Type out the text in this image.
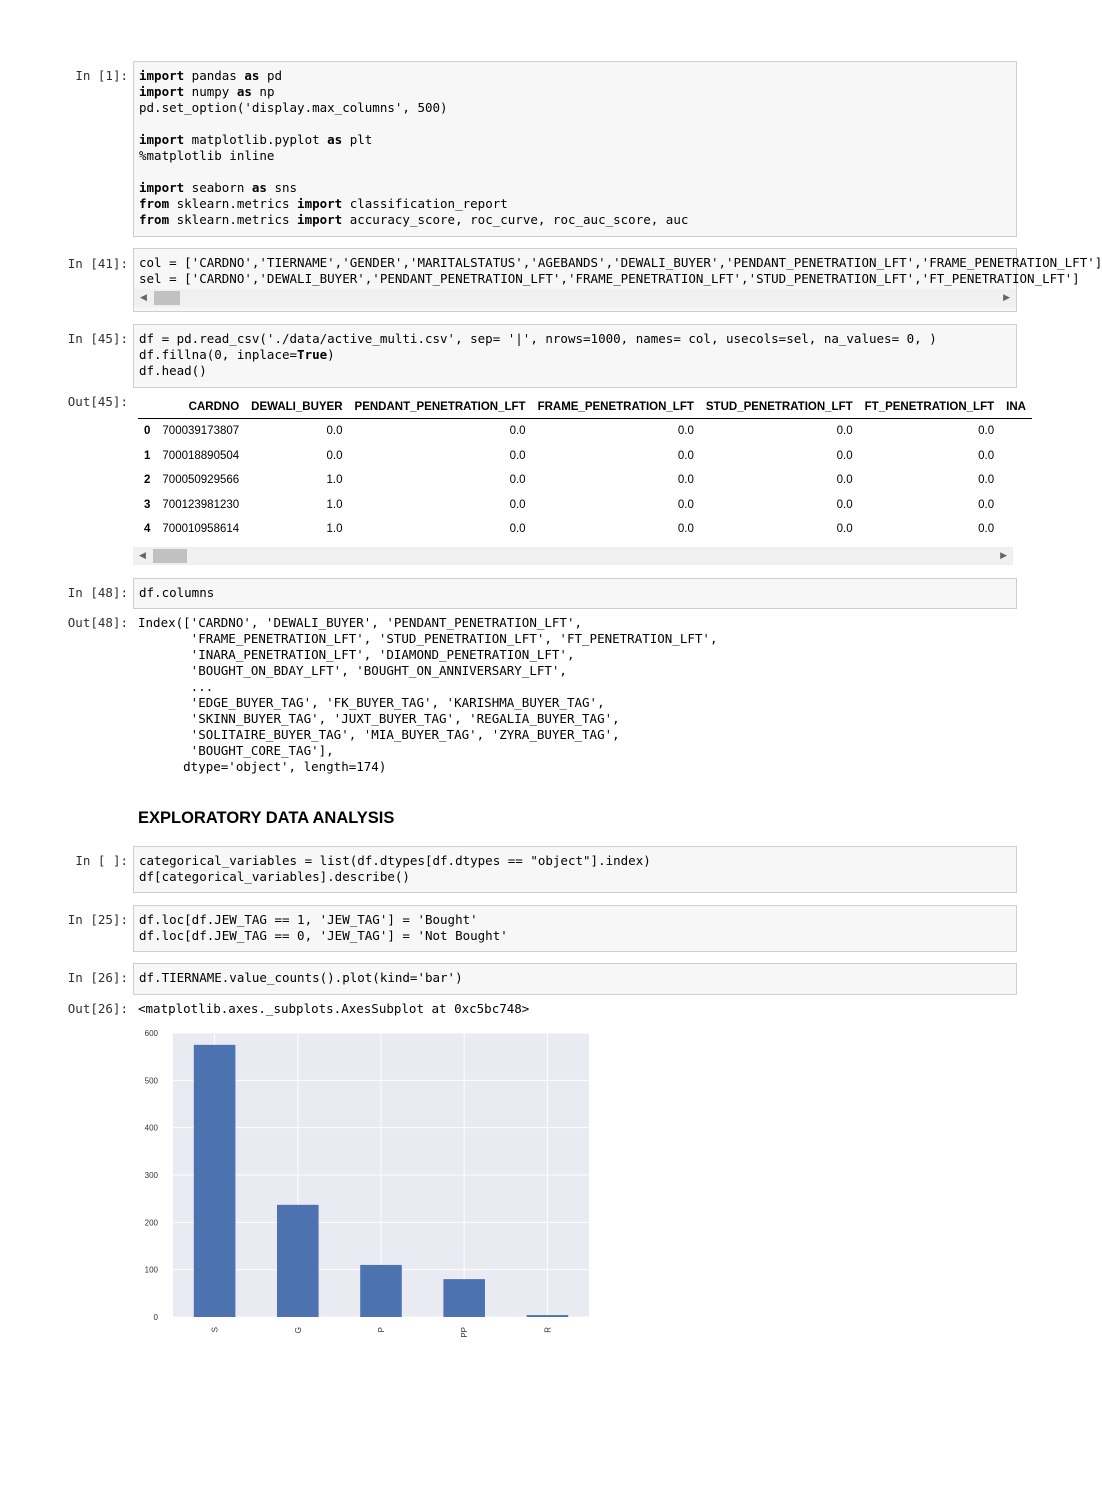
In [1]: import pandas as pd
import numpy as np
pd.set_option('display.max_columns', 500)

import matplotlib.pyplot as plt
%matplotlib inline

import seaborn as sns
from sklearn.metrics import classification_report
from sklearn.metrics import accuracy_score, roc_curve, roc_auc_score, auc
In [41]: col = ['CARDNO','TIERNAME','GENDER','MARITALSTATUS','AGEBANDS','DEWALI_BUYER','PENDANT_PENETRATION_LFT','FRAME_PENETRATION_LFT']
sel = ['CARDNO','DEWALI_BUYER','PENDANT_PENETRATION_LFT','FRAME_PENETRATION_LFT','STUD_PENETRATION_LFT','FT_PENETRATION_LFT']
◀	▶
In [45]: df = pd.read_csv('./data/active_multi.csv', sep= '|', nrows=1000, names= col, usecols=sel, na_values= 0, )
df.fillna(0, inplace=True)
df.head()
Out[45]:
		CARDNO	DEWALI_BUYER	PENDANT_PENETRATION_LFT	FRAME_PENETRATION_LFT	STUD_PENETRATION_LFT	FT_PENETRATION_LFT	INA
0	700039173807	0.0	0.0	0.0	0.0	0.0	
1	700018890504	0.0	0.0	0.0	0.0	0.0	
2	700050929566	1.0	0.0	0.0	0.0	0.0	
3	700123981230	1.0	0.0	0.0	0.0	0.0	
4	700010958614	1.0	0.0	0.0	0.0	0.0	
◀	▶
In [48]: df.columns
Out[48]: Index(['CARDNO', 'DEWALI_BUYER', 'PENDANT_PENETRATION_LFT',
'FRAME_PENETRATION_LFT', 'STUD_PENETRATION_LFT', 'FT_PENETRATION_LFT',
'INARA_PENETRATION_LFT', 'DIAMOND_PENETRATION_LFT',
'BOUGHT_ON_BDAY_LFT', 'BOUGHT_ON_ANNIVERSARY_LFT',
...
'EDGE_BUYER_TAG', 'FK_BUYER_TAG', 'KARISHMA_BUYER_TAG',
'SKINN_BUYER_TAG', 'JUXT_BUYER_TAG', 'REGALIA_BUYER_TAG',
'SOLITAIRE_BUYER_TAG', 'MIA_BUYER_TAG', 'ZYRA_BUYER_TAG',
'BOUGHT_CORE_TAG'],
dtype='object', length=174)
EXPLORATORY DATA ANALYSIS
In [ ]: categorical_variables = list(df.dtypes[df.dtypes == "object"].index)
df[categorical_variables].describe()
In [25]: df.loc[df.JEW_TAG == 1, 'JEW_TAG'] = 'Bought'
df.loc[df.JEW_TAG == 0, 'JEW_TAG'] = 'Not Bought'
In [26]: df.TIERNAME.value_counts().plot(kind='bar')
Out[26]: <matplotlib.axes._subplots.AxesSubplot at 0xc5bc748>
0
100
200
300
400
500
600
S	G	P	PP	R
